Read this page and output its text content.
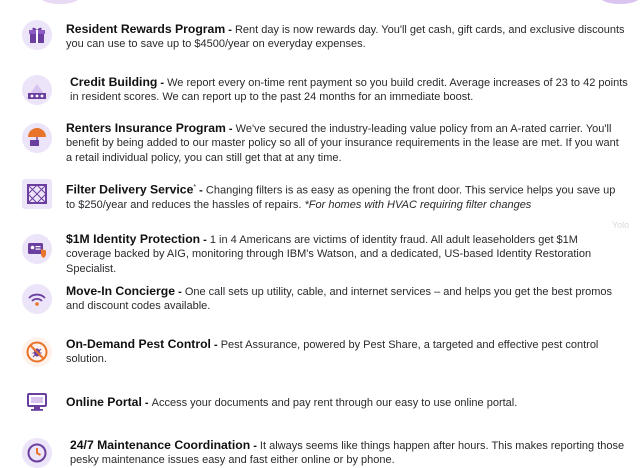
Resident Rewards Program - Rent day is now rewards day. You'll get cash, gift cards, and exclusive discounts you can use to save up to $4500/year on everyday expenses.
Credit Building - We report every on-time rent payment so you build credit. Average increases of 23 to 42 points in resident scores. We can report up to the past 24 months for an immediate boost.
Renters Insurance Program - We've secured the industry-leading value policy from an A-rated carrier. You'll benefit by being added to our master policy so all of your insurance requirements in the lease are met. If you want a retail individual policy, you can still get that at any time.
Filter Delivery Service* - Changing filters is as easy as opening the front door. This service helps you save up to $250/year and reduces the hassles of repairs. *For homes with HVAC requiring filter changes
$1M Identity Protection - 1 in 4 Americans are victims of identity fraud. All adult leaseholders get $1M coverage backed by AIG, monitoring through IBM's Watson, and a dedicated, US-based Identity Restoration Specialist.
Move-In Concierge - One call sets up utility, cable, and internet services – and helps you get the best promos and discount codes available.
On-Demand Pest Control - Pest Assurance, powered by Pest Share, a targeted and effective pest control solution.
Online Portal - Access your documents and pay rent through our easy to use online portal.
24/7 Maintenance Coordination - It always seems like things happen after hours. This makes reporting those pesky maintenance issues easy and fast either online or by phone.
Yolo
